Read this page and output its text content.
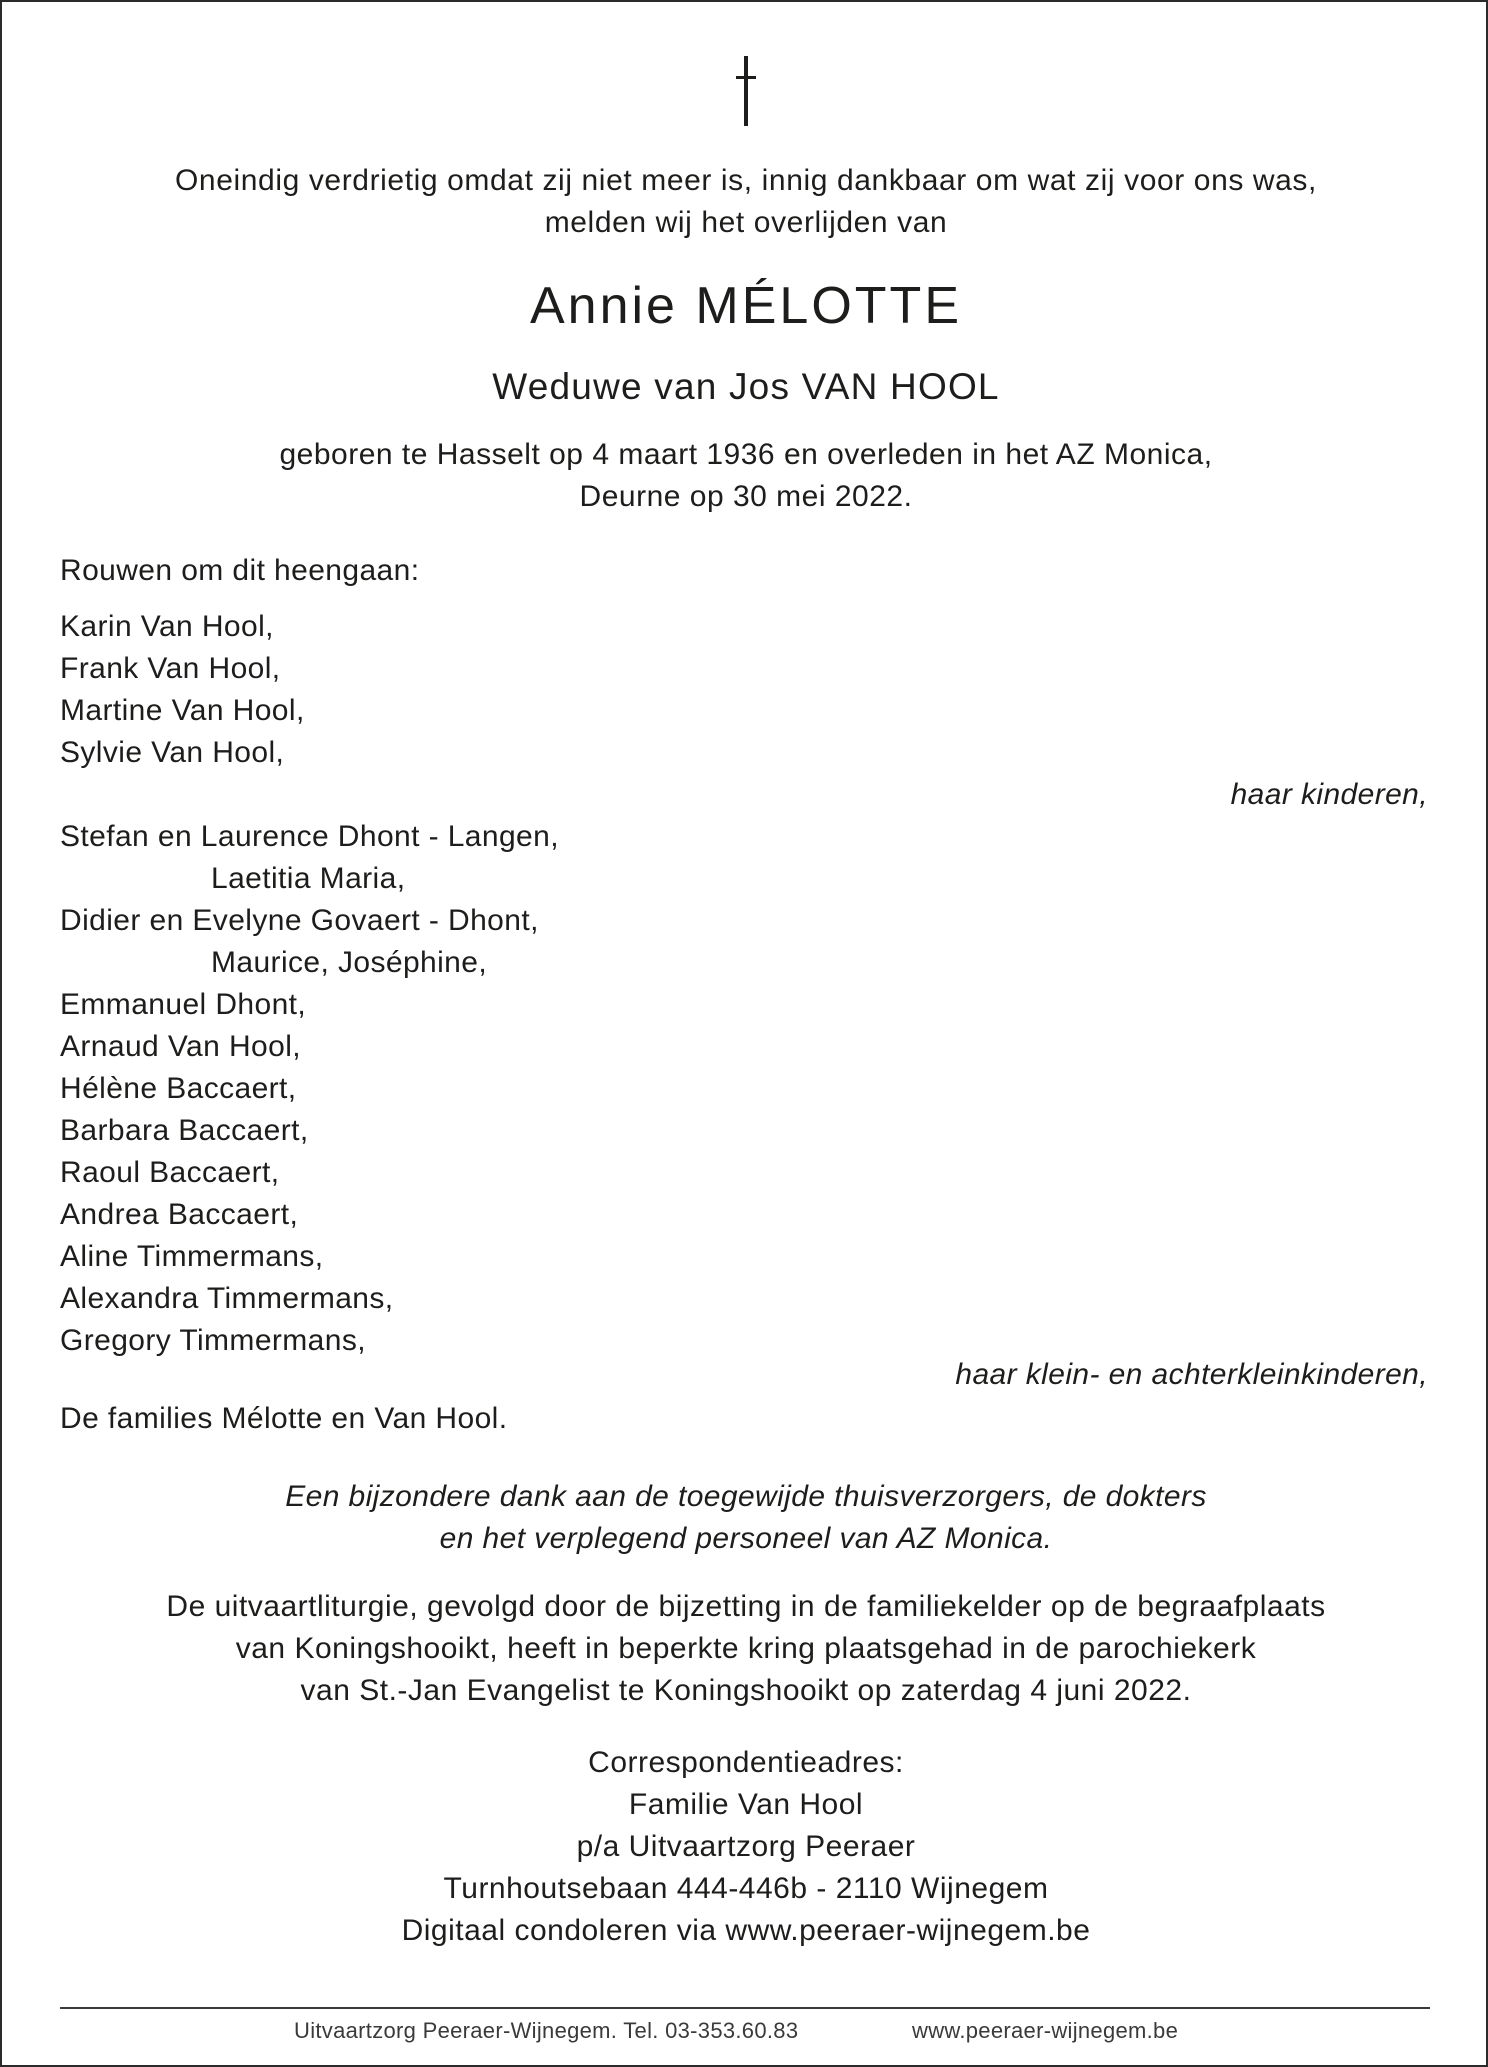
Oneindig verdrietig omdat zij niet meer is, innig dankbaar om wat zij voor ons was,
melden wij het overlijden van
Annie MÉLOTTE
Weduwe van Jos VAN HOOL
geboren te Hasselt op 4 maart 1936 en overleden in het AZ Monica,
Deurne op 30 mei 2022.
Rouwen om dit heengaan:
Karin Van Hool,
Frank Van Hool,
Martine Van Hool,
Sylvie Van Hool,
haar kinderen,
Stefan en Laurence Dhont - Langen,
Laetitia Maria,
Didier en Evelyne Govaert - Dhont,
Maurice, Joséphine,
Emmanuel Dhont,
Arnaud Van Hool,
Hélène Baccaert,
Barbara Baccaert,
Raoul Baccaert,
Andrea Baccaert,
Aline Timmermans,
Alexandra Timmermans,
Gregory Timmermans,
haar klein- en achterkleinkinderen,
De families Mélotte en Van Hool.
Een bijzondere dank aan de toegewijde thuisverzorgers, de dokters
en het verplegend personeel van AZ Monica.
De uitvaartliturgie, gevolgd door de bijzetting in de familiekelder op de begraafplaats
van Koningshooikt, heeft in beperkte kring plaatsgehad in de parochiekerk
van St.-Jan Evangelist te Koningshooikt op zaterdag 4 juni 2022.
Correspondentieadres:
Familie Van Hool
p/a Uitvaartzorg Peeraer
Turnhoutsebaan 444-446b - 2110 Wijnegem
Digitaal condoleren via www.peeraer-wijnegem.be
Uitvaartzorg Peeraer-Wijnegem. Tel. 03-353.60.83	www.peeraer-wijnegem.be
